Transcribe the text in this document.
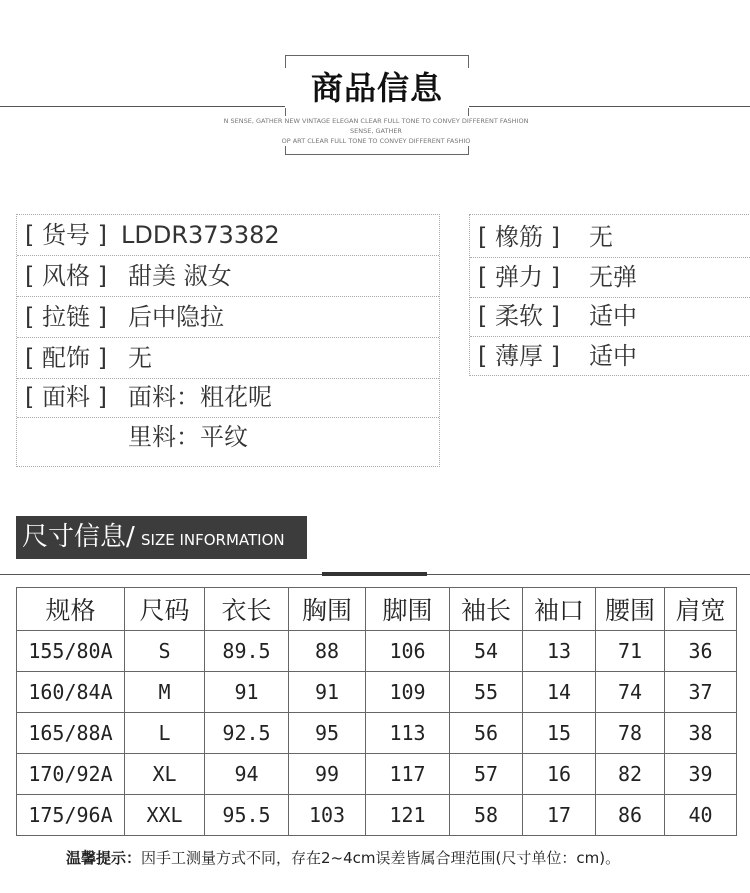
商品信息
N SENSE, GATHER NEW VINTAGE ELEGAN CLEAR FULL TONE TO CONVEY DIFFERENT FASHION SENSE, GATHER
OP ART CLEAR FULL TONE TO CONVEY DIFFERENT FASHIO
[ 货号 ] LDDR373382
[ 风格 ] 甜美 淑女
[ 拉链 ] 后中隐拉
[ 配饰 ] 无
[ 面料 ] 面料：粗花呢
里料：平纹
[ 橡筋 ] 无
[ 弹力 ] 无弹
[ 柔软 ] 适中
[ 薄厚 ] 适中
尺寸信息/ SIZE INFORMATION
规格	尺码	衣长	胸围	脚围	袖长	袖口	腰围	肩宽
155/80A	S	89.5	88	106	54	13	71	36
160/84A	M	91	91	109	55	14	74	37
165/88A	L	92.5	95	113	56	15	78	38
170/92A	XL	94	99	117	57	16	82	39
175/96A	XXL	95.5	103	121	58	17	86	40
温馨提示：因手工测量方式不同，存在2~4cm误差皆属合理范围(尺寸单位：cm)。
